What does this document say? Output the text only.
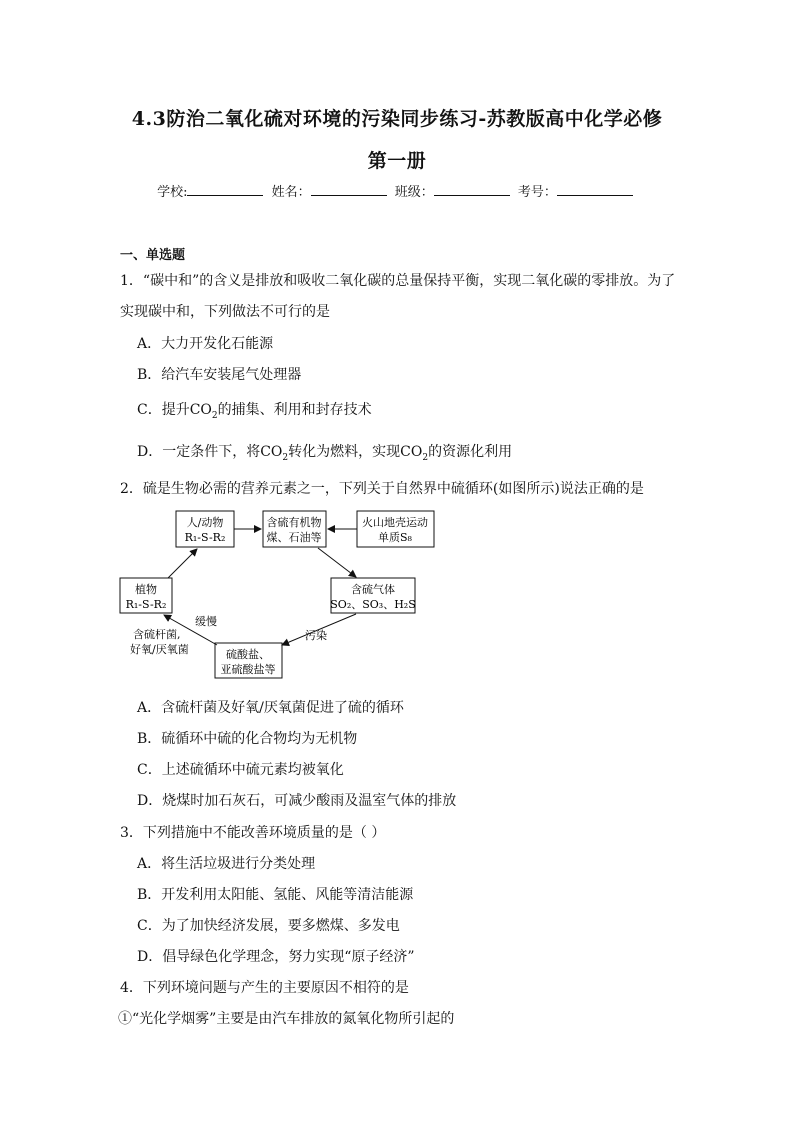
4.3防治二氧化硫对环境的污染同步练习-苏教版高中化学必修
第一册
学校:	姓名：	班级：	考号：
一、单选题
1．“碳中和”的含义是排放和吸收二氧化碳的总量保持平衡，实现二氧化碳的零排放。为了
实现碳中和，下列做法不可行的是
A．大力开发化石能源
B．给汽车安装尾气处理器
C．提升$CO_2$的捕集、利用和封存技术
D．一定条件下，将$CO_2$转化为燃料，实现$CO_2$的资源化利用
2．硫是生物必需的营养元素之一，下列关于自然界中硫循环(如图所示)说法正确的是
人/动物
R₁-S-R₂
含硫有机物
煤、石油等
火山地壳运动
单质S₈
植物
R₁-S-R₂
含硫气体
SO₂、SO₃、H₂S
硫酸盐、
亚硫酸盐等
缓慢
含硫杆菌,
好氧/厌氧菌
污染
A．含硫杆菌及好氧/厌氧菌促进了硫的循环
B．硫循环中硫的化合物均为无机物
C．上述硫循环中硫元素均被氧化
D．烧煤时加石灰石，可减少酸雨及温室气体的排放
3．下列措施中不能改善环境质量的是（ ）
A．将生活垃圾进行分类处理
B．开发利用太阳能、氢能、风能等清洁能源
C．为了加快经济发展，要多燃煤、多发电
D．倡导绿色化学理念，努力实现“原子经济”
4．下列环境问题与产生的主要原因不相符的是
①“光化学烟雾”主要是由汽车排放的氮氧化物所引起的
